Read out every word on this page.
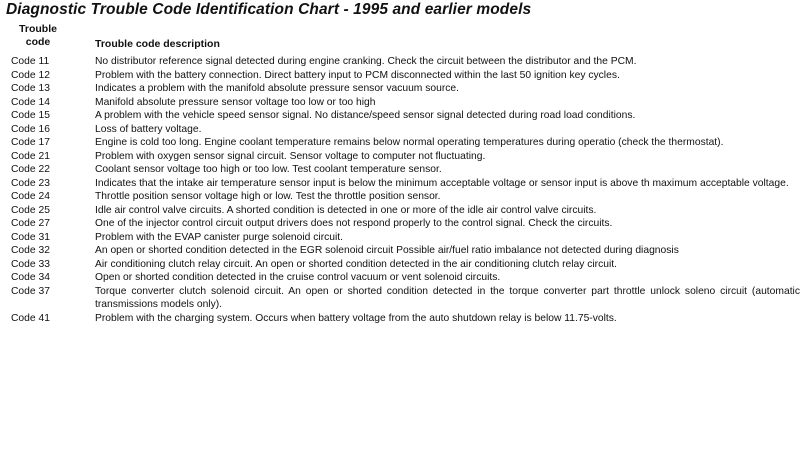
Diagnostic Trouble Code Identification Chart - 1995 and earlier models
Trouble code	Trouble code description
Code 11	No distributor reference signal detected during engine cranking. Check the circuit between the distributor and the PCM.
Code 12	Problem with the battery connection. Direct battery input to PCM disconnected within the last 50 ignition key cycles.
Code 13	Indicates a problem with the manifold absolute pressure sensor vacuum source.
Code 14	Manifold absolute pressure sensor voltage too low or too high
Code 15	A problem with the vehicle speed sensor signal. No distance/speed sensor signal detected during road load conditions.
Code 16	Loss of battery voltage.
Code 17	Engine is cold too long. Engine coolant temperature remains below normal operating temperatures during operatio (check the thermostat).
Code 21	Problem with oxygen sensor signal circuit. Sensor voltage to computer not fluctuating.
Code 22	Coolant sensor voltage too high or too low. Test coolant temperature sensor.
Code 23	Indicates that the intake air temperature sensor input is below the minimum acceptable voltage or sensor input is above th maximum acceptable voltage.
Code 24	Throttle position sensor voltage high or low. Test the throttle position sensor.
Code 25	Idle air control valve circuits. A shorted condition is detected in one or more of the idle air control valve circuits.
Code 27	One of the injector control circuit output drivers does not respond properly to the control signal. Check the circuits.
Code 31	Problem with the EVAP canister purge solenoid circuit.
Code 32	An open or shorted condition detected in the EGR solenoid circuit Possible air/fuel ratio imbalance not detected during diagnosis
Code 33	Air conditioning clutch relay circuit. An open or shorted condition detected in the air conditioning clutch relay circuit.
Code 34	Open or shorted condition detected in the cruise control vacuum or vent solenoid circuits.
Code 37	Torque converter clutch solenoid circuit. An open or shorted condition detected in the torque converter part throttle unlock soleno circuit (automatic transmissions models only).
Code 41	Problem with the charging system. Occurs when battery voltage from the auto shutdown relay is below 11.75-volts.
